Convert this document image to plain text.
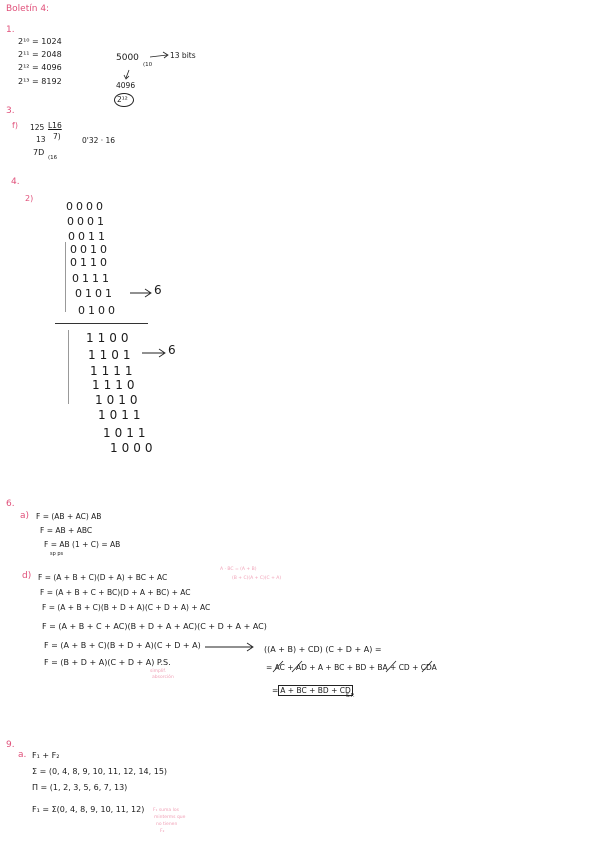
Boletín 4:
1.
2¹⁰ = 1024
2¹¹ = 2048
2¹² = 4096
2¹³ = 8192
5000
(10
13 bits
4096
2¹²
3.
f) 125 L16
13 7)	0'32 · 16
7D
(16
4.
2)
0000
0001
0011
0010
0110
0111
0101
0100
6
1100
1101
1111
1110
1010
1011
1011
1000
6
6.
a) F = (AB + AC) AB
F = AB + ABC
F = AB (1 + C) = AB
sp ps
d) F = (A + B + C)(D + A) + BC + AC
F = (A + B + C + BC)(D + A + BC) + AC
F = (A + B + C)(B + D + A)(C + D + A) + AC
F = (A + B + C + AC)(B + D + A + AC)(C + D + A + AC)
F = (A + B + C)(B + D + A)(C + D + A)
F = (B + D + A)(C + D + A) P.S.
A · BC = (A + B)
(B + C)(A + C)(C + A)
simplif.
absorción
((A + B) + CD) (C + D + A) =
= AC + AD + A + BC + BD + BA + CD + CDA
= A + BC + BD + CD
S.P.
9.
a. F₁ + F₂
Σ = (0, 4, 8, 9, 10, 11, 12, 14, 15)
Π = (1, 2, 3, 5, 6, 7, 13)
F₁ = Σ(0, 4, 8, 9, 10, 11, 12) F₁ suma los
minterms que
no tienen
F₂
